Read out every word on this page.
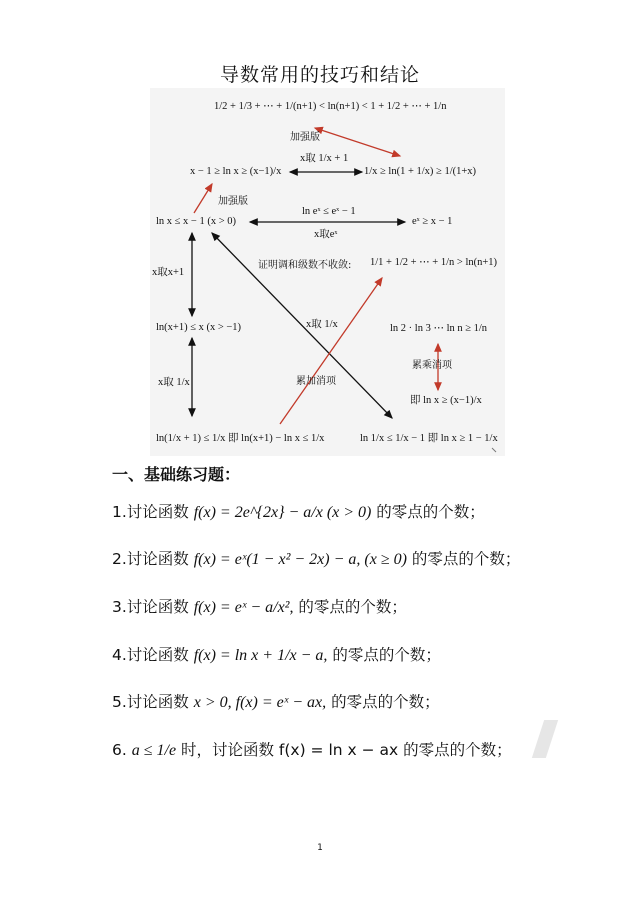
导数常用的技巧和结论
1/2 + 1/3 + ⋯ + 1/(n+1) < ln(n+1) < 1 + 1/2 + ⋯ + 1/n
加强版
x取 1/x + 1
x − 1 ≥ ln x ≥ (x−1)/x	1/x ≥ ln(1 + 1/x) ≥ 1/(1+x)
加强版
ln eˣ ≤ eˣ − 1
ln x ≤ x − 1 (x > 0)
x取eˣ
eˣ ≥ x − 1
证明调和级数不收敛: 1/1 + 1/2 + ⋯ + 1/n > ln(n+1)
x取x+1
x取 1/x
ln(x+1) ≤ x (x > −1)	ln 2 · ln 3 ⋯ ln n ≥ 1/n
累乘消项
x取 1/x	累加消项
即 ln x ≥ (x−1)/x
ln(1/x + 1) ≤ 1/x 即 ln(x+1) − ln x ≤ 1/x	ln 1/x ≤ 1/x − 1 即 ln x ≥ 1 − 1/x
一、基础练习题：
1.讨论函数 f(x) = 2e^{2x} − a/x (x > 0) 的零点的个数；
2.讨论函数 f(x) = eˣ(1 − x² − 2x) − a, (x ≥ 0) 的零点的个数；
3.讨论函数 f(x) = eˣ − a/x², 的零点的个数；
4.讨论函数 f(x) = ln x + 1/x − a, 的零点的个数；
5.讨论函数 x > 0, f(x) = eˣ − ax, 的零点的个数；
6. a ≤ 1/e 时，讨论函数 f(x) = ln x − ax 的零点的个数；
1
